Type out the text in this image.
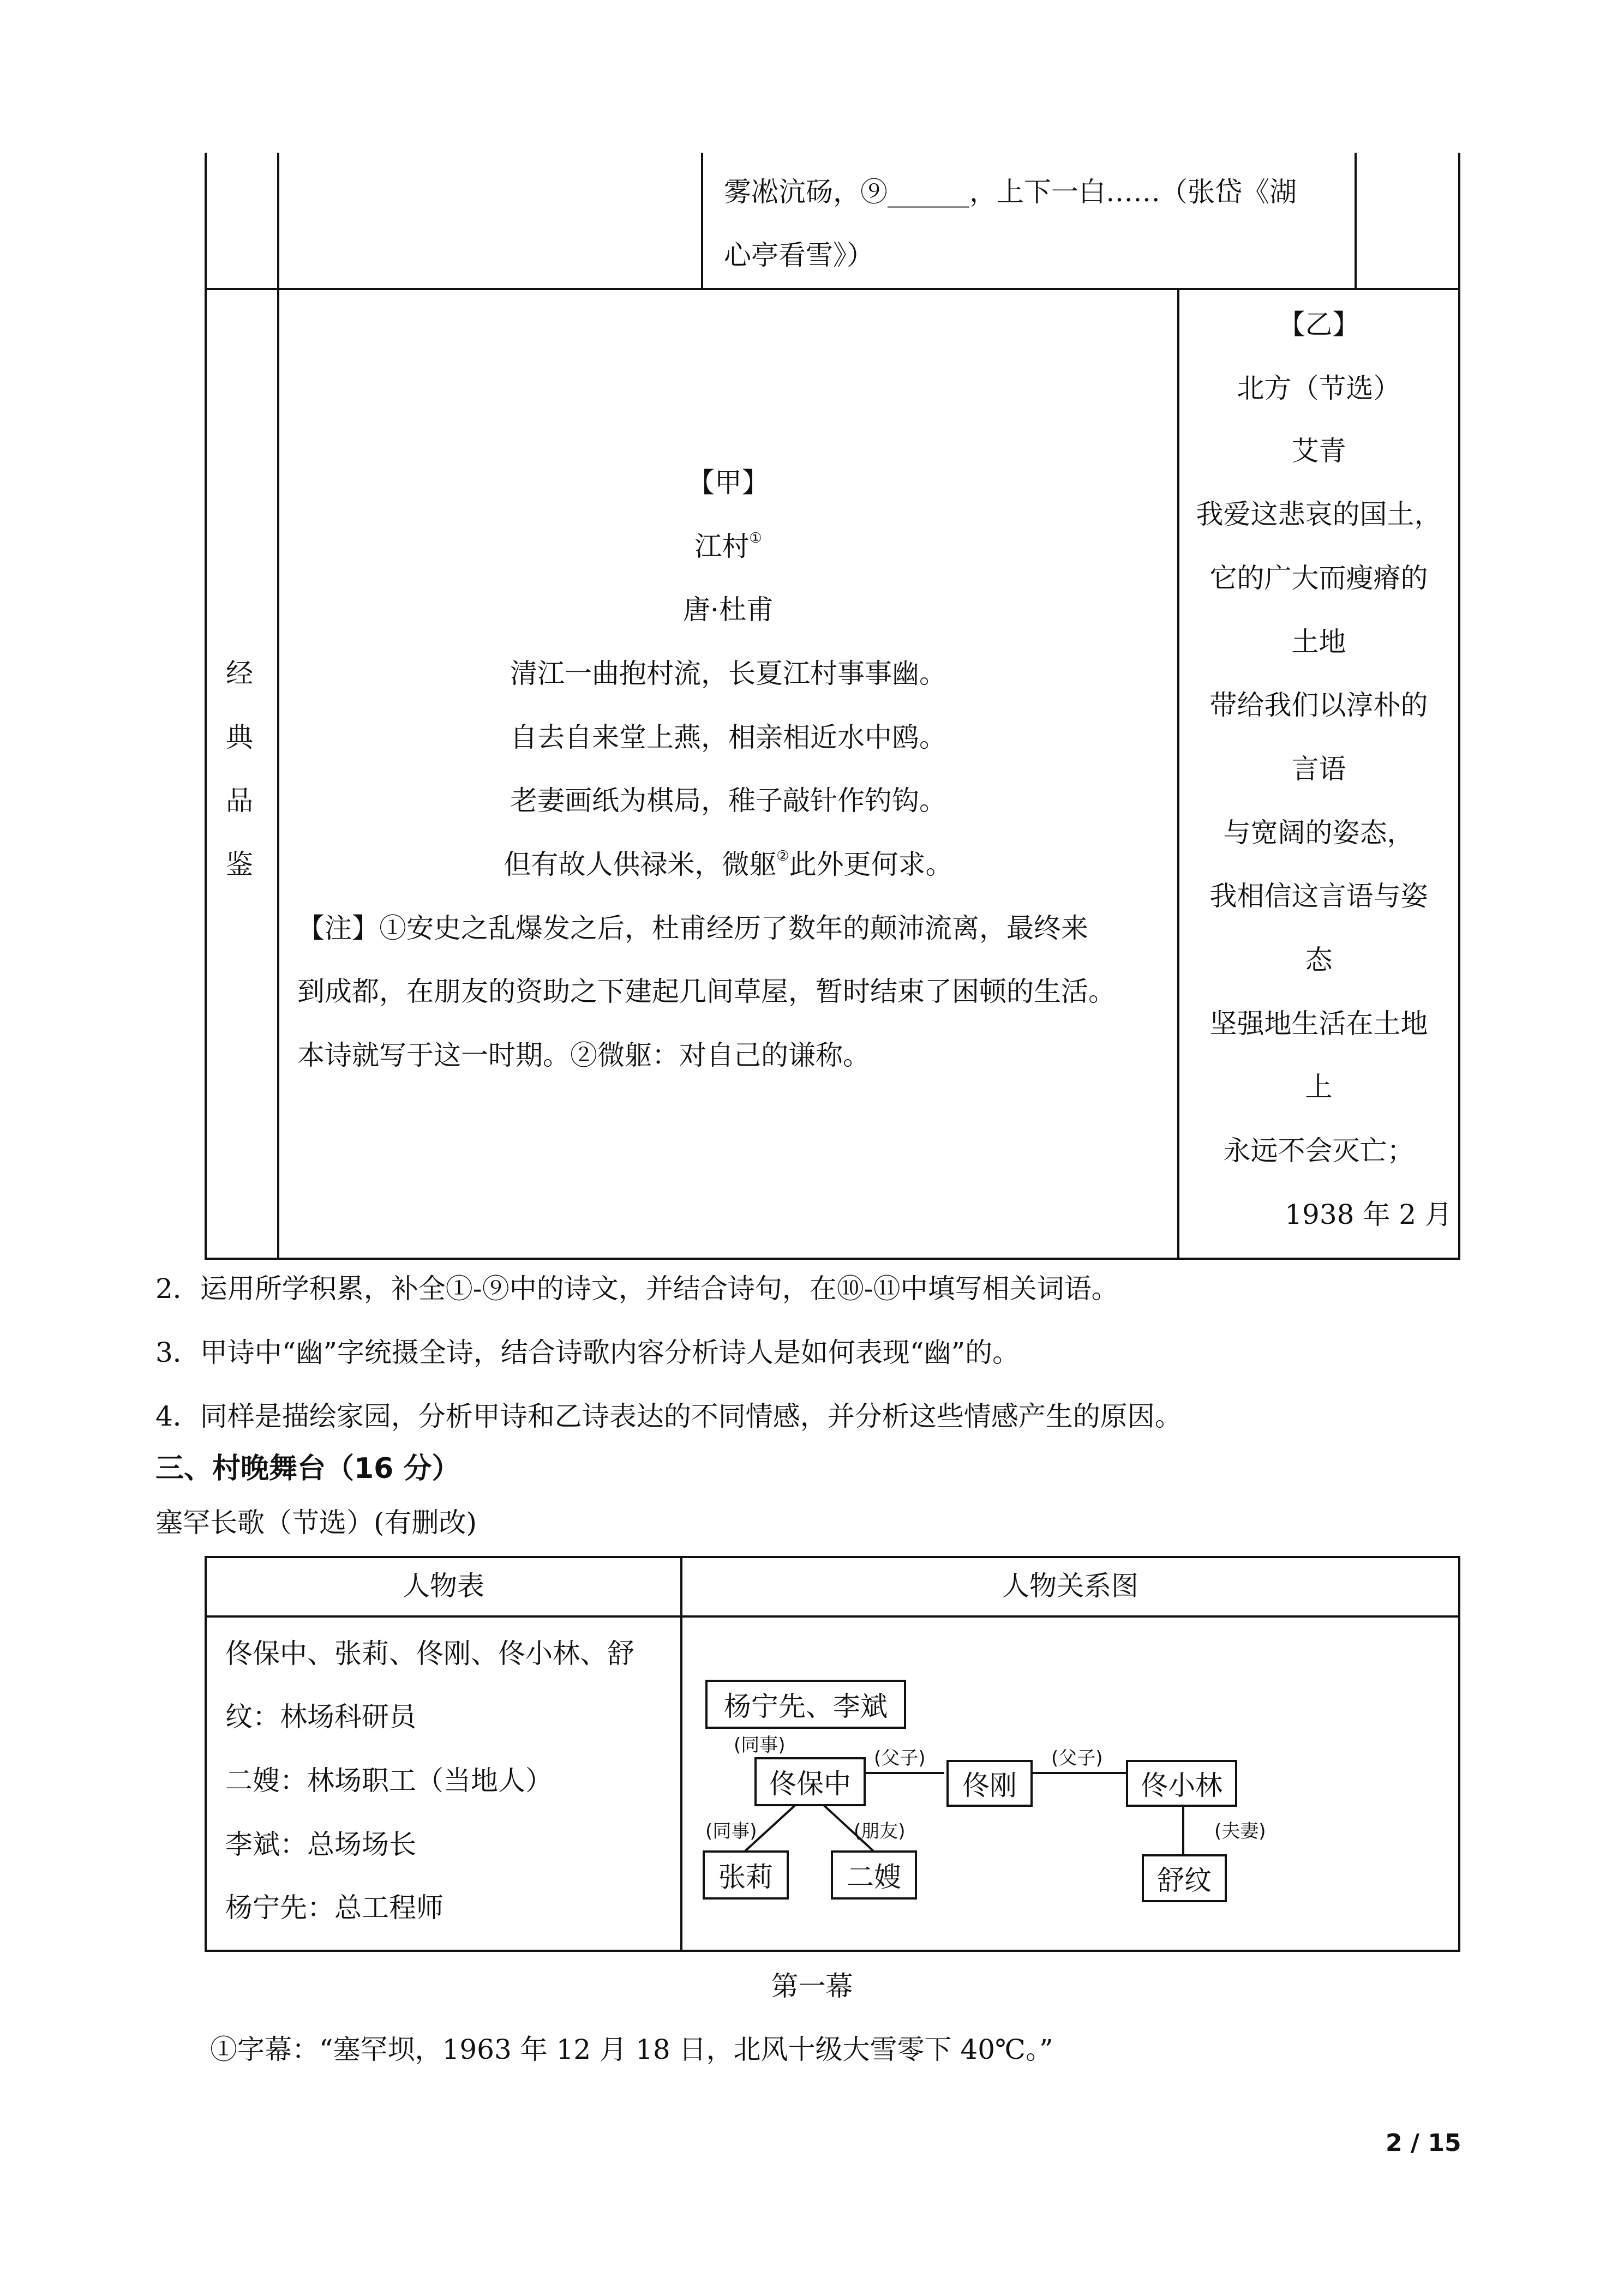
雾凇沆砀，⑨______，上下一白……（张岱《湖
心亭看雪》）
经
典
品
鉴
【甲】
江村①
唐·杜甫
清江一曲抱村流，长夏江村事事幽。
自去自来堂上燕，相亲相近水中鸥。
老妻画纸为棋局，稚子敲针作钓钩。
但有故人供禄米，微躯②此外更何求。
【注】①安史之乱爆发之后，杜甫经历了数年的颠沛流离，最终来
到成都，在朋友的资助之下建起几间草屋，暂时结束了困顿的生活。
本诗就写于这一时期。②微躯：对自己的谦称。
【乙】
北方（节选）
艾青
我爱这悲哀的国土，
它的广大而瘦瘠的
土地
带给我们以淳朴的
言语
与宽阔的姿态，
我相信这言语与姿
态
坚强地生活在土地
上
永远不会灭亡；
1938 年 2 月
2．运用所学积累，补全①-⑨中的诗文，并结合诗句，在⑩-⑪中填写相关词语。
3．甲诗中“幽”字统摄全诗，结合诗歌内容分析诗人是如何表现“幽”的。
4．同样是描绘家园，分析甲诗和乙诗表达的不同情感，并分析这些情感产生的原因。
三、村晚舞台（16 分）
塞罕长歌（节选）(有删改)
人物表	人物关系图
佟保中、张莉、佟刚、佟小林、舒
纹：林场科研员
二嫂：林场职工（当地人）
李斌：总场场长
杨宁先：总工程师
杨宁先、李斌
(同事)
佟保中
(父子)
佟刚
(父子)
佟小林
(夫妻)
舒纹
(同事)	(朋友)
张莉	二嫂
第一幕
①字幕：“塞罕坝，1963 年 12 月 18 日，北风十级大雪零下 40℃。”
2 / 15
